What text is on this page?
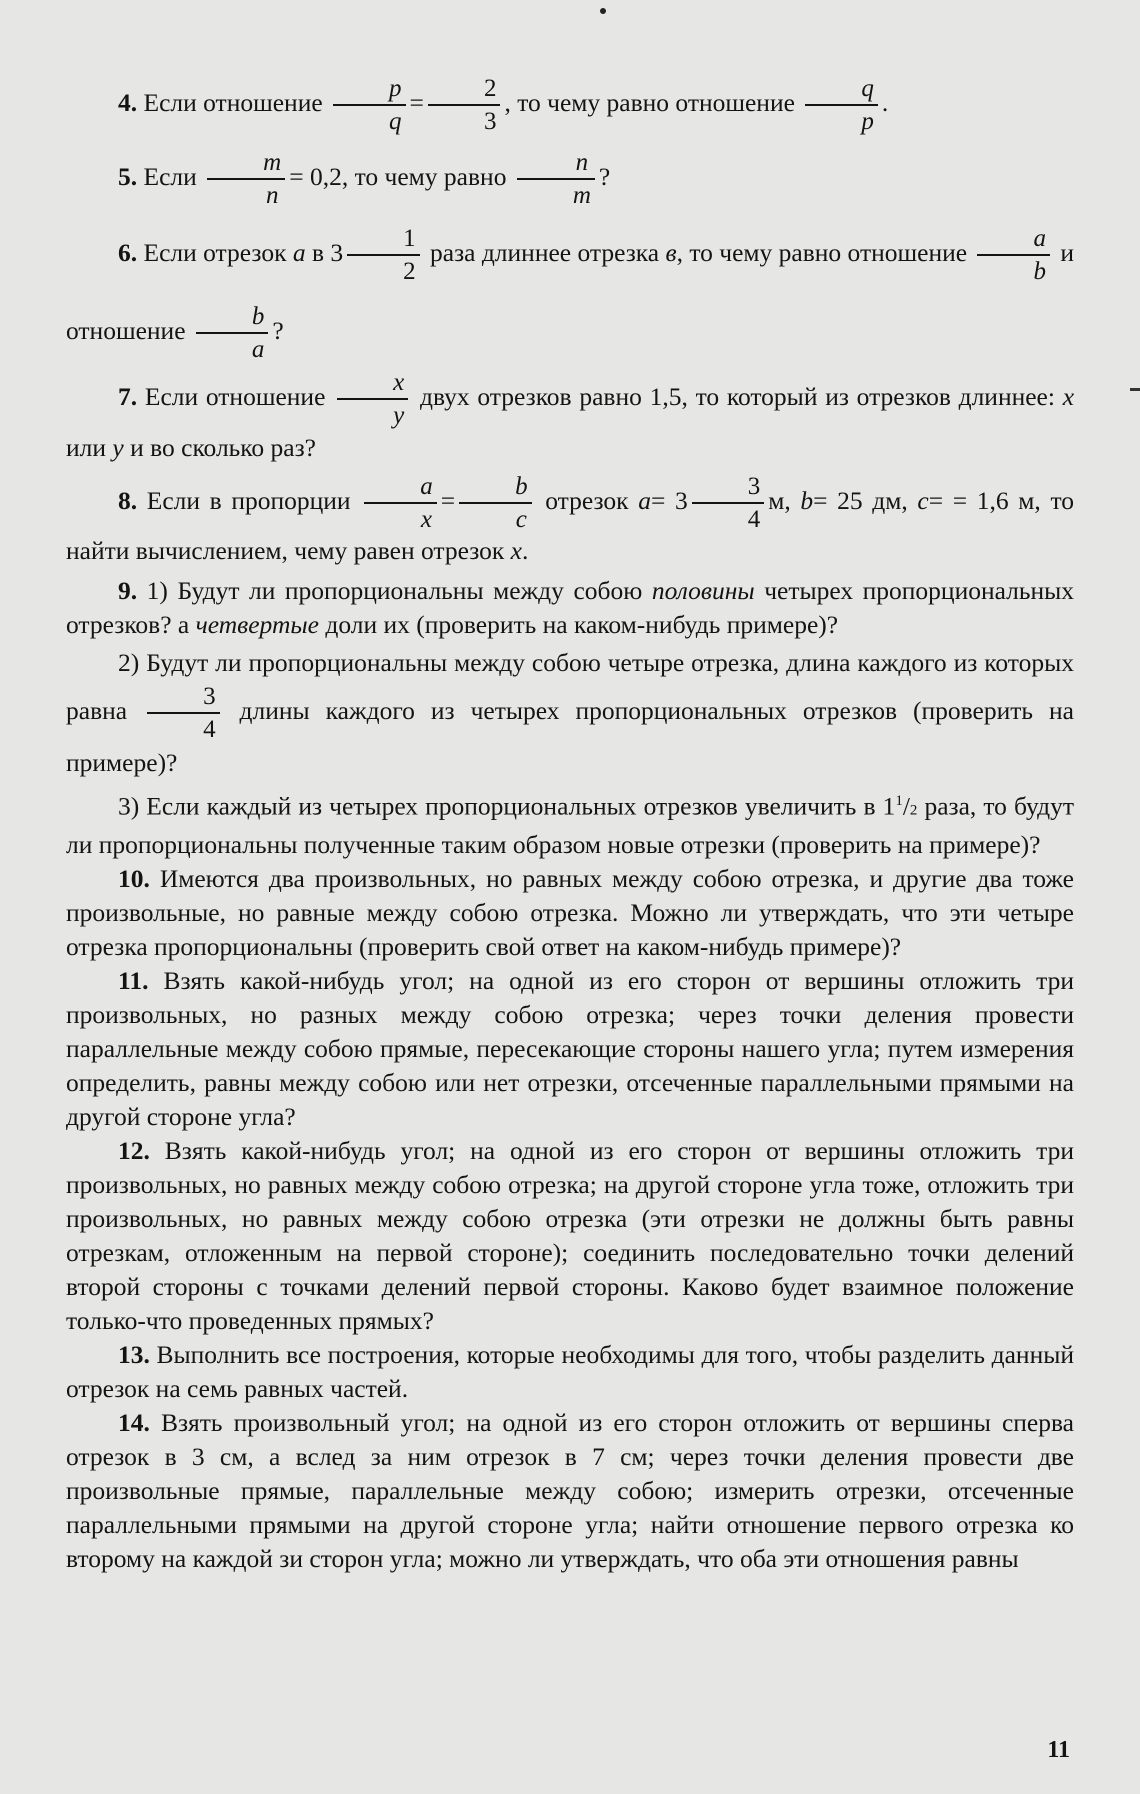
4. Если отношение $\frac{p}{q} = \frac{2}{3}$ , то чему равно отношение $\frac{q}{p}$ .

5. Если $\frac{m}{n} = 0,2$, то чему равно $\frac{n}{m}$ ?

6. Если отрезок a в $3 \frac{1}{2}$ раза длиннее отрезка в, то чему равно отношение $\frac{a}{b}$ и отношение $\frac{b}{a}$ ?

7. Если отношение $\frac{x}{y}$ двух отрезков равно 1,5, то который из отрезков длиннее: x или y и во сколько раз?

8. Если в пропорции $\frac{a}{x} = \frac{b}{c}$ отрезок $a= 3 \frac{3}{4} м$, b= 25 дм, c= = 1,6 м, то найти вычислением, чему равен отрезок x.

9. 1) Будут ли пропорциональны между собою половины четырех пропорциональных отрезков? а четвертые доли их (проверить на каком-нибудь примере)?

2) Будут ли пропорциональны между собою четыре отрезка, длина каждого из которых равна $\frac{3}{4}$ длины каждого из четырех пропорциональных отрезков (проверить на примере)?

3) Если каждый из четырех пропорциональных отрезков увеличить в $1^1/2$ раза, то будут ли пропорциональны полученные таким образом новые отрезки (проверить на примере)?

10. Имеются два произвольных, но равных между собою отрезка, и другие два тоже произвольные, но равные между собою отрезка. Можно ли утверждать, что эти четыре отрезка пропорциональны (проверить свой ответ на каком-нибудь примере)?

11. Взять какой-нибудь угол; на одной из его сторон от вершины отложить три произвольных, но разных между собою отрезка; через точки деления провести параллельные между собою прямые, пересекающие стороны нашего угла; путем измерения определить, равны между собою или нет отрезки, отсеченные параллельными прямыми на другой стороне угла?

12. Взять какой-нибудь угол; на одной из его сторон от вершины отложить три произвольных, но равных между собою отрезка; на другой стороне угла тоже, отложить три произвольных, но равных между собою отрезка (эти отрезки не должны быть равны отрезкам, отложенным на первой стороне); соединить последовательно точки делений второй стороны с точками делений первой стороны. Каково будет взаимное положение только-что проведенных прямых?

13. Выполнить все построения, которые необходимы для того, чтобы разделить данный отрезок на семь равных частей.

14. Взять произвольный угол; на одной из его сторон отложить от вершины сперва отрезок в 3 см, а вслед за ним отрезок в 7 см; через точки деления провести две произвольные прямые, параллельные между собою; измерить отрезки, отсеченные параллельными прямыми на другой стороне угла; найти отношение первого отрезка ко второму на каждой зи сторон угла; можно ли утверждать, что оба эти отношения равны

11
